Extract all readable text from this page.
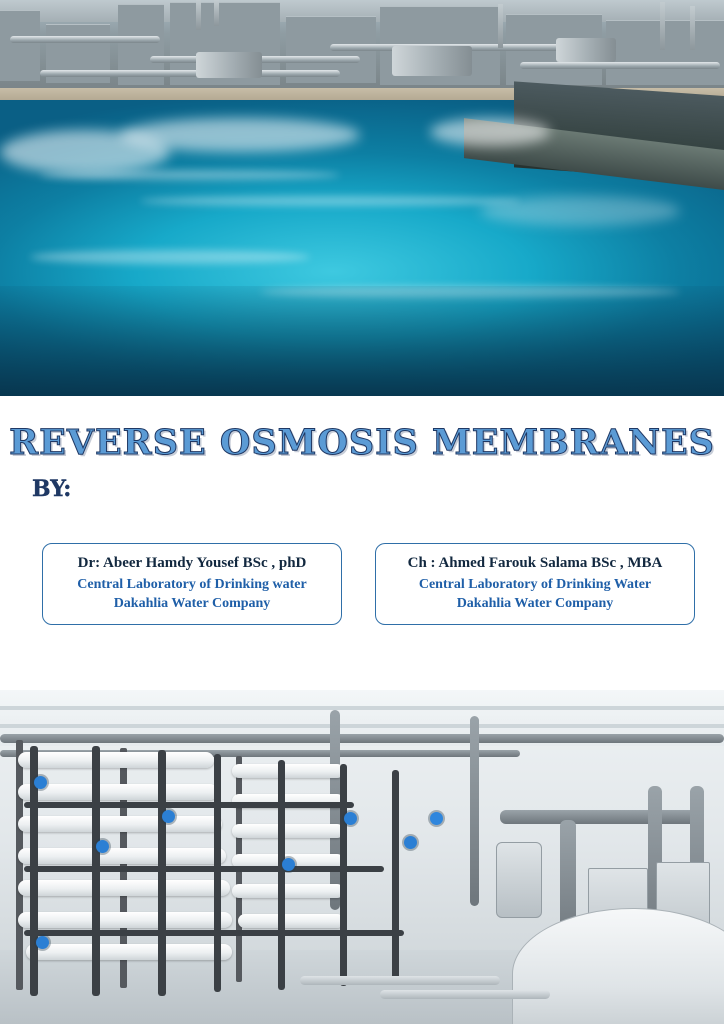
REVERSE OSMOSIS MEMBRANES
BY:
Dr: Abeer Hamdy Yousef BSc , phD
Central Laboratory of Drinking water
Dakahlia Water Company
Ch : Ahmed Farouk Salama BSc , MBA
Central Laboratory of Drinking Water
Dakahlia Water Company
